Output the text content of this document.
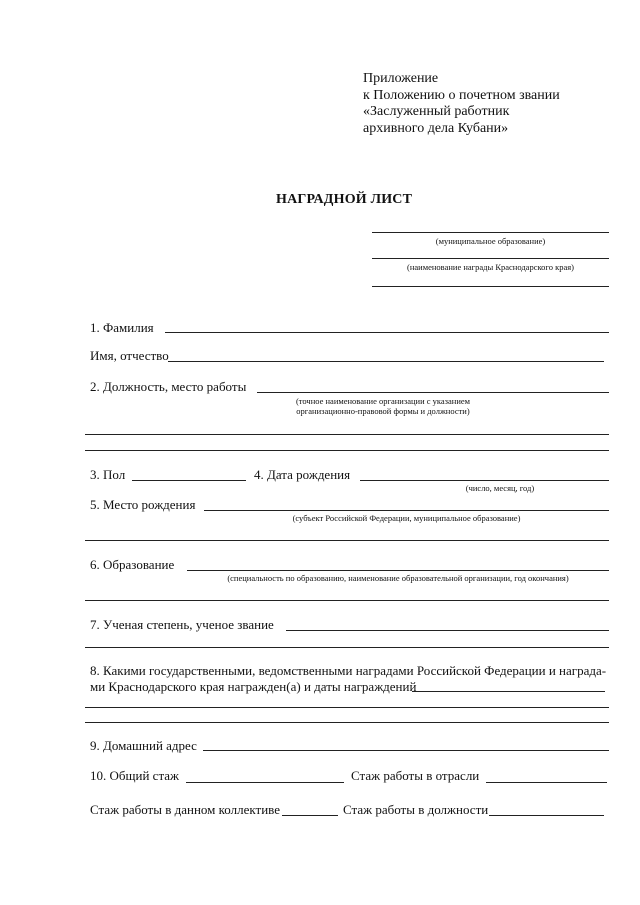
Приложение
к Положению о почетном звании
«Заслуженный работник
архивного дела Кубани»
НАГРАДНОЙ ЛИСТ
(муниципальное образование)
(наименование награды Краснодарского края)
1. Фамилия
Имя, отчество
2. Должность, место работы
(точное наименование организации с указанием
организационно-правовой формы и должности)
3. Пол	4. Дата рождения
(число, месяц, год)
5. Место рождения
(субъект Российской Федерации, муниципальное образование)
6. Образование
(специальность по образованию, наименование образовательной организации, год окончания)
7. Ученая степень, ученое звание
8. Какими государственными, ведомственными наградами Российской Федерации и награда-
ми Краснодарского края награжден(а) и даты награждений
9. Домашний адрес
10. Общий стаж	Стаж работы в отрасли
Стаж работы в данном коллективе	Стаж работы в должности
